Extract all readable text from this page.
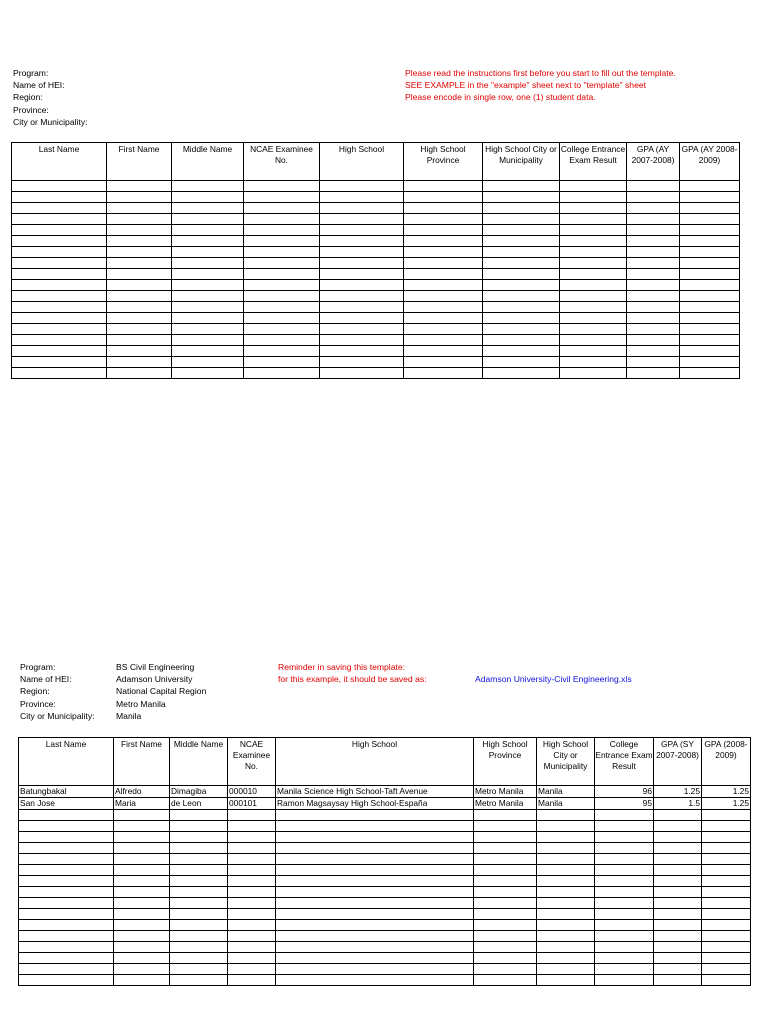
Program:
Name of HEI:
Region:
Province:
City or Municipality:
Please read the instructions first before you start to fill out the template.
SEE EXAMPLE in the "example" sheet next to "template" sheet
Please encode in single row, one (1) student data.
Last Name	First Name	Middle Name	NCAE Examinee No.	High School	High School Province	High School City or Municipality	College Entrance Exam Result	GPA (AY 2007-2008)	GPA (AY 2008-2009)

Program:	BS Civil Engineering
Name of HEI:	Adamson University
Region:	National Capital Region
Province:	Metro Manila
City or Municipality:	Manila
Reminder in saving this template:
for this example, it should be saved as:	Adamson University-Civil Engineering.xls
Last Name	First Name	Middle Name	NCAE Examinee No.	High School	High School Province	High School City or Municipality	College Entrance Exam Result	GPA (SY 2007-2008)	GPA (2008-2009)
Batungbakal	Alfredo	Dimagiba	000010	Manila Science High School-Taft Avenue	Metro Manila	Manila	96	1.25	1.25
San Jose	Maria	de Leon	000101	Ramon Magsaysay High School-España	Metro Manila	Manila	95	1.5	1.25
